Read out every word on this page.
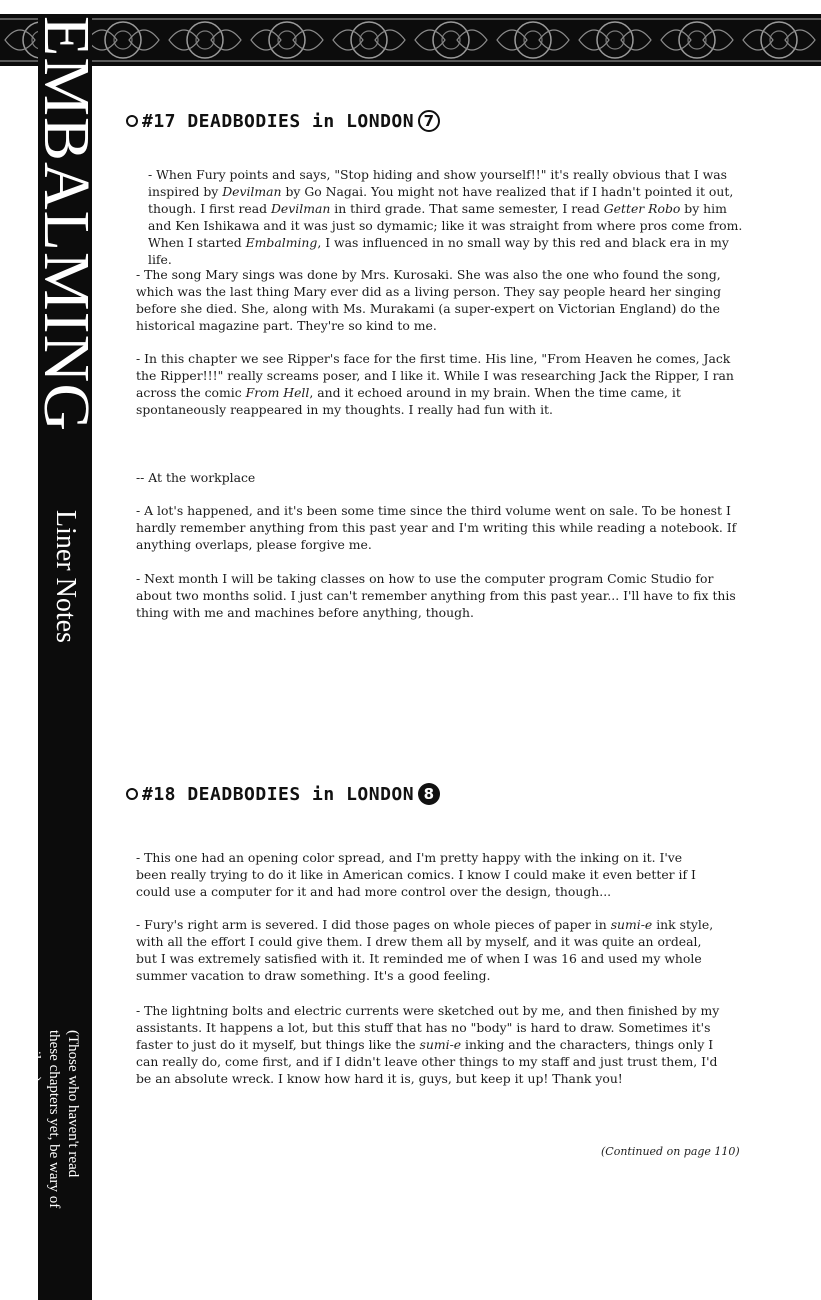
EMBALMING
Liner Notes
(Those who haven't read these chapters yet, be wary of spoilers)
#17 DEADBODIES in LONDON 7

- When Fury points and says, "Stop hiding and show yourself!!" it's really obvious that I was inspired by Devilman by Go Nagai. You might not have realized that if I hadn't pointed it out, though. I first read Devilman in third grade. That same semester, I read Getter Robo by him and Ken Ishikawa and it was just so dymamic; like it was straight from where pros come from. When I started Embalming, I was influenced in no small way by this red and black era in my life.

- The song Mary sings was done by Mrs. Kurosaki. She was also the one who found the song, which was the last thing Mary ever did as a living person. They say people heard her singing before she died. She, along with Ms. Murakami (a super-expert on Victorian England) do the historical magazine part. They're so kind to me.

- In this chapter we see Ripper's face for the first time. His line, "From Heaven he comes, Jack the Ripper!!!" really screams poser, and I like it. While I was researching Jack the Ripper, I ran across the comic From Hell, and it echoed around in my brain. When the time came, it spontaneously reappeared in my thoughts. I really had fun with it.

-- At the workplace

- A lot's happened, and it's been some time since the third volume went on sale. To be honest I hardly remember anything from this past year and I'm writing this while reading a notebook. If anything overlaps, please forgive me.

- Next month I will be taking classes on how to use the computer program Comic Studio for about two months solid. I just can't remember anything from this past year... I'll have to fix this thing with me and machines before anything, though.

#18 DEADBODIES in LONDON 8

- This one had an opening color spread, and I'm pretty happy with the inking on it. I've been really trying to do it like in American comics. I know I could make it even better if I could use a computer for it and had more control over the design, though...

- Fury's right arm is severed. I did those pages on whole pieces of paper in sumi-e ink style, with all the effort I could give them. I drew them all by myself, and it was quite an ordeal, but I was extremely satisfied with it. It reminded me of when I was 16 and used my whole summer vacation to draw something. It's a good feeling.

- The lightning bolts and electric currents were sketched out by me, and then finished by my assistants. It happens a lot, but this stuff that has no "body" is hard to draw. Sometimes it's faster to just do it myself, but things like the sumi-e inking and the characters, things only I can really do, come first, and if I didn't leave other things to my staff and just trust them, I'd be an absolute wreck. I know how hard it is, guys, but keep it up! Thank you!

(Continued on page 110)
